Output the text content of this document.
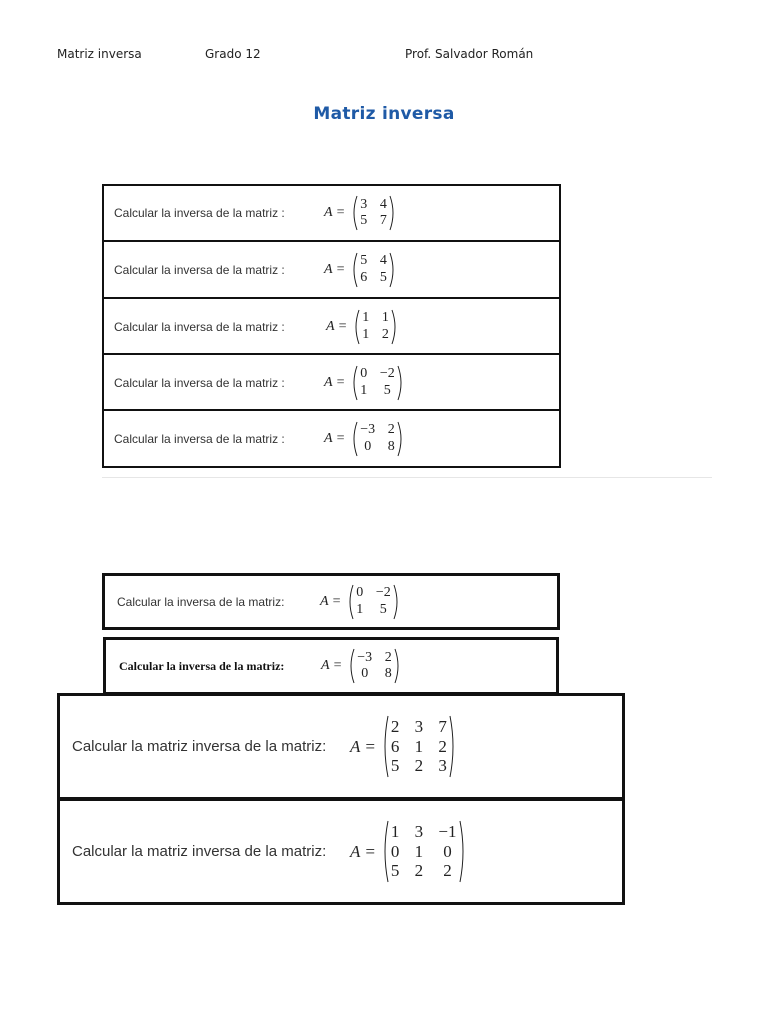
Matriz inversa	Grado 12	Prof. Salvador Román
Matriz inversa
Calcular la inversa de la matriz :	A =
3 4
5 7
Calcular la inversa de la matriz :	A =
5 4
6 5
Calcular la inversa de la matriz :	A =
1 1
1 2
Calcular la inversa de la matriz :	A =
0 −2
1 5
Calcular la inversa de la matriz :	A =
−3 2
0 8
Calcular la inversa de la matriz:	A =
0 −2
1 5
Calcular la inversa de la matriz:	A =
−3 2
0 8
Calcular la matriz inversa de la matriz: A =
2 3 7
6 1 2
5 2 3
Calcular la matriz inversa de la matriz: A =
1 3 −1
0 1 0
5 2 2
